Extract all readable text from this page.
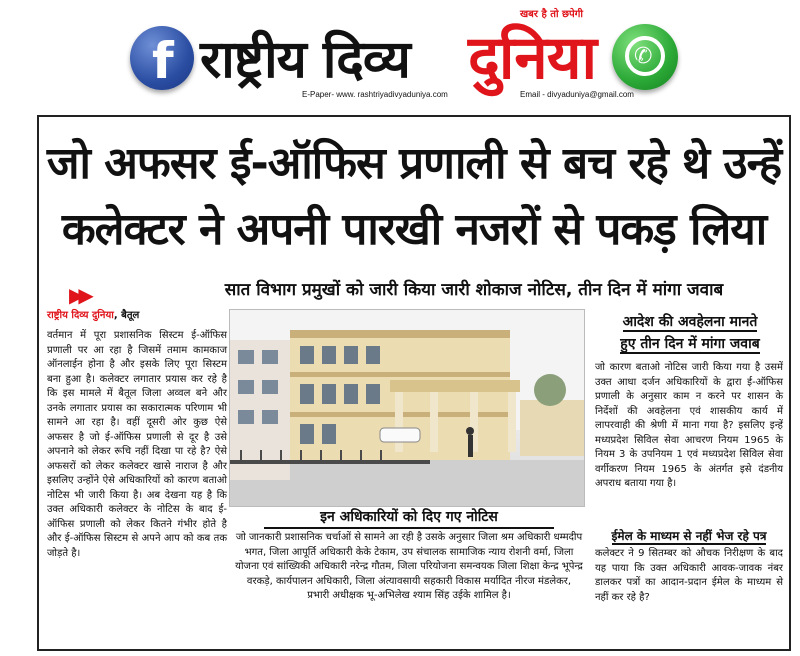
f राष्ट्रीय दिव्य दुनिया
खबर है तो छपेगी
E-Paper- www. rashtriyadivyaduniya.com	Email - divyaduniya@gmail.com
✆
जो अफसर ई-ऑफिस प्रणाली से बच रहे थे उन्हें
कलेक्टर ने अपनी पारखी नजरों से पकड़ लिया
▶▶	सात विभाग प्रमुखों को जारी किया जारी शोकाज नोटिस, तीन दिन में मांगा जवाब
राष्ट्रीय दिव्य दुनिया, बैतूल
वर्तमान में पूरा प्रशासनिक सिस्टम ई-ऑफिस प्रणाली पर आ रहा है जिसमें तमाम कामकाज ऑनलाईन होना है और इसके लिए पूरा सिस्टम बना हुआ है। कलेक्टर लगातार प्रयास कर रहे है कि इस मामले में बैतूल जिला अव्वल बने और उनके लगातार प्रयास का सकारात्मक परिणाम भी सामने आ रहा है। वहीं दूसरी ओर कुछ ऐसे अफसर है जो ई-ऑफिस प्रणाली से दूर है उसे अपनाने को लेकर रूचि नहीं दिखा पा रहे है? ऐसे अफसरों को लेकर कलेक्टर खासे नाराज है और इसलिए उन्होंने ऐसे अधिकारियों को कारण बताओ नोटिस भी जारी किया है। अब देखना यह है कि उक्त अधिकारी कलेक्टर के नोटिस के बाद ई-ऑफिस प्रणाली को लेकर कितने गंभीर होते है और ई-ऑफिस सिस्टम से अपने आप को कब तक जोड़ते है।
इन अधिकारियों को दिए गए नोटिस
जो जानकारी प्रशासनिक चर्चाओं से सामने आ रही है उसके अनुसार जिला श्रम अधिकारी धम्मदीप भगत, जिला आपूर्ति अधिकारी केके टेकाम, उप संचालक सामाजिक न्याय रोशनी वर्मा, जिला योजना एवं सांख्यिकी अधिकारी नरेन्द्र गौतम, जिला परियोजना समन्वयक जिला शिक्षा केन्द्र भूपेन्द्र वरकड़े, कार्यपालन अधिकारी, जिला अंत्यावसायी सहकारी विकास मर्यादित नीरज मंडलेकर, प्रभारी अधीक्षक भू-अभिलेख श्याम सिंह उईके शामिल है।
आदेश की अवहेलना मानते
हुए तीन दिन में मांगा जवाब
जो कारण बताओ नोटिस जारी किया गया है उसमें उक्त आधा दर्जन अधिकारियों के द्वारा ई-ऑफिस प्रणाली के अनुसार काम न करने पर शासन के निर्देशों की अवहेलना एवं शासकीय कार्य में लापरवाही की श्रेणी में माना गया है? इसलिए इन्हें मध्यप्रदेश सिविल सेवा आचरण नियम 1965 के नियम 3 के उपनियम 1 एवं मध्यप्रदेश सिविल सेवा वर्गीकरण नियम 1965 के अंतर्गत इसे दंडनीय अपराध बताया गया है।
ईमेल के माध्यम से नहीं भेज रहे पत्र
कलेक्टर ने 9 सितम्बर को औचक निरीक्षण के बाद यह पाया कि उक्त अधिकारी आवक-जावक नंबर डालकर पत्रों का आदान-प्रदान ईमेल के माध्यम से नहीं कर रहे है?
